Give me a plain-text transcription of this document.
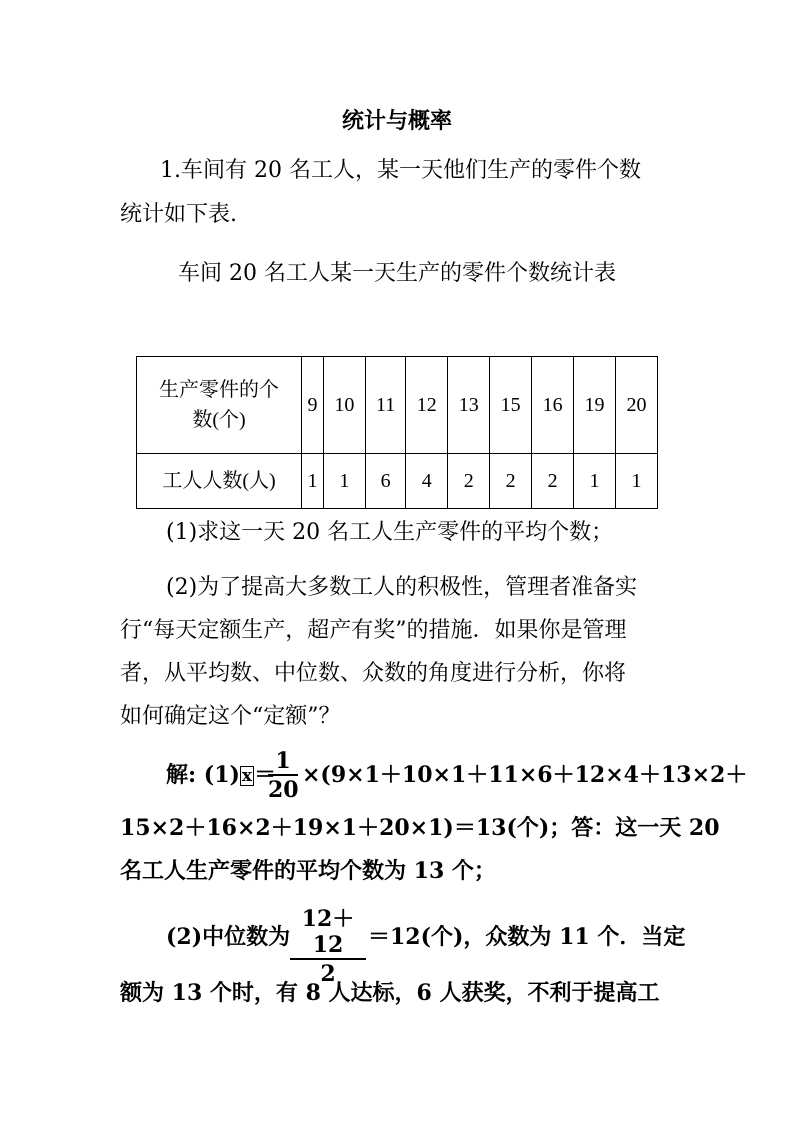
统计与概率
1.车间有 20 名工人，某一天他们生产的零件个数
统计如下表.
车间 20 名工人某一天生产的零件个数统计表
生产零件的个
数(个)	9	10	11	12	13	15	16	19	20
工人人数(人)	1	1	6	4	2	2	2	1	1
(1)求这一天 20 名工人生产零件的平均个数；
(2)为了提高大多数工人的积极性，管理者准备实
行“每天定额生产，超产有奖”的措施．如果你是管理
者，从平均数、中位数、众数的角度进行分析，你将
如何确定这个“定额”？
解: (1) x＝
1
20
×(9×1＋10×1＋11×6＋12×4＋13×2＋
15×2＋16×2＋19×1＋20×1)＝13(个)；答：这一天 20
名工人生产零件的平均个数为 13 个；
(2)中位数为
12＋12
2
＝12(个)，众数为 11 个．当定
额为 13 个时，有 8 人达标，6 人获奖，不利于提高工
